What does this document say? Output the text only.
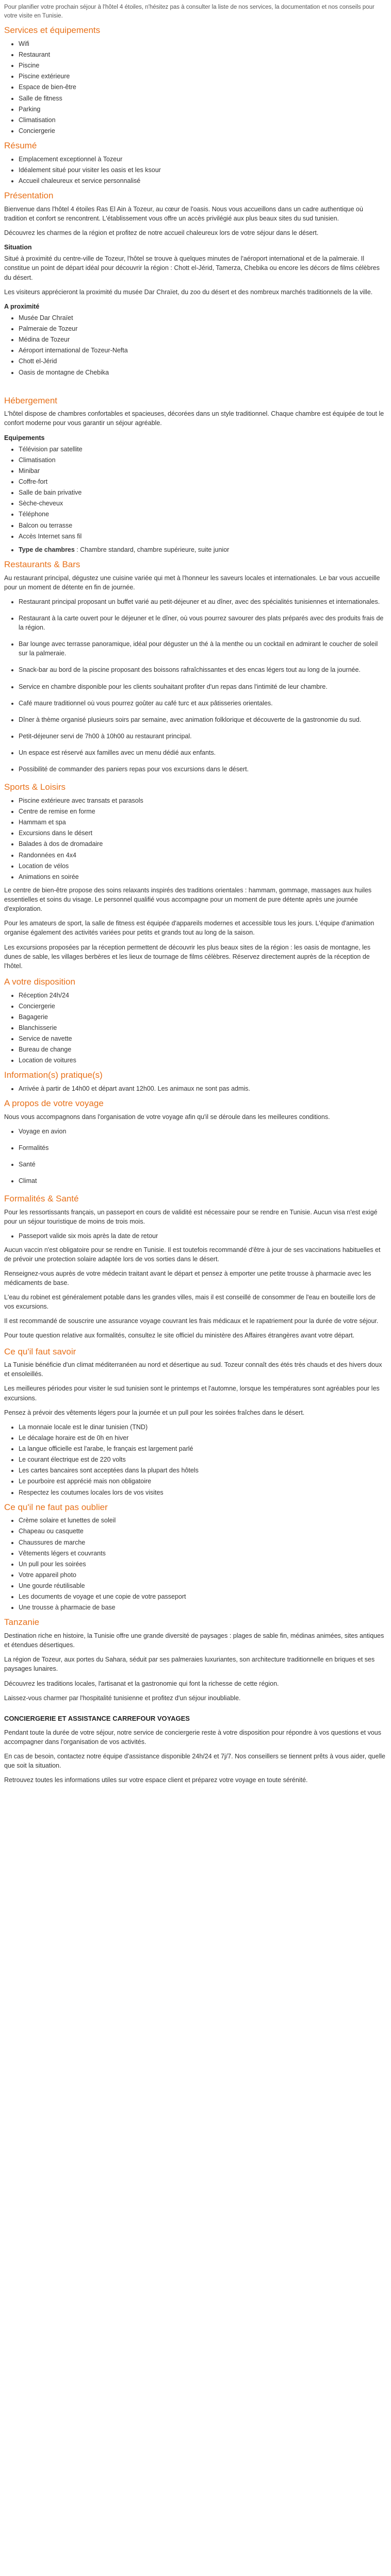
Pour planifier votre prochain séjour à l'hôtel 4 étoiles, n'hésitez pas à consulter la liste de nos services, la documentation et nos conseils pour votre visite en Tunisie.

Services et équipements
• Wifi
• Restaurant
• Piscine
• Piscine extérieure
• Espace de bien-être
• Salle de fitness
• Parking
• Climatisation
• Conciergerie
Résumé
• Emplacement exceptionnel à Tozeur
• Idéalement situé pour visiter les oasis et les ksour
• Accueil chaleureux et service personnalisé
Présentation

Bienvenue dans l'hôtel 4 étoiles Ras El Ain à Tozeur, au cœur de l'oasis. Nous vous accueillons dans un cadre authentique où tradition et confort se rencontrent. L'établissement vous offre un accès privilégié aux plus beaux sites du sud tunisien.

Découvrez les charmes de la région et profitez de notre accueil chaleureux lors de votre séjour dans le désert.

Situation

Situé à proximité du centre-ville de Tozeur, l'hôtel se trouve à quelques minutes de l'aéroport international et de la palmeraie. Il constitue un point de départ idéal pour découvrir la région : Chott el-Jérid, Tamerza, Chebika ou encore les décors de films célèbres du désert.

Les visiteurs apprécieront la proximité du musée Dar Chraïet, du zoo du désert et des nombreux marchés traditionnels de la ville.

A proximité
• Musée Dar Chraïet
• Palmeraie de Tozeur
• Médina de Tozeur
• Aéroport international de Tozeur-Nefta
• Chott el-Jérid
• Oasis de montagne de Chebika
Hébergement

L'hôtel dispose de chambres confortables et spacieuses, décorées dans un style traditionnel. Chaque chambre est équipée de tout le confort moderne pour vous garantir un séjour agréable.

Equipements
• Télévision par satellite
• Climatisation
• Minibar
• Coffre-fort
• Salle de bain privative
• Sèche-cheveux
• Téléphone
• Balcon ou terrasse
• Accès Internet sans fil
• Type de chambres : Chambre standard, chambre supérieure, suite junior
Restaurants & Bars

Au restaurant principal, dégustez une cuisine variée qui met à l'honneur les saveurs locales et internationales. Le bar vous accueille pour un moment de détente en fin de journée.

• Restaurant principal proposant un buffet varié au petit-déjeuner et au dîner, avec des spécialités tunisiennes et internationales.
• Restaurant à la carte ouvert pour le déjeuner et le dîner, où vous pourrez savourer des plats préparés avec des produits frais de la région.
• Bar lounge avec terrasse panoramique, idéal pour déguster un thé à la menthe ou un cocktail en admirant le coucher de soleil sur la palmeraie.
• Snack-bar au bord de la piscine proposant des boissons rafraîchissantes et des encas légers tout au long de la journée.
• Service en chambre disponible pour les clients souhaitant profiter d'un repas dans l'intimité de leur chambre.
• Café maure traditionnel où vous pourrez goûter au café turc et aux pâtisseries orientales.
• Dîner à thème organisé plusieurs soirs par semaine, avec animation folklorique et découverte de la gastronomie du sud.
• Petit-déjeuner servi de 7h00 à 10h00 au restaurant principal.
• Un espace est réservé aux familles avec un menu dédié aux enfants.
• Possibilité de commander des paniers repas pour vos excursions dans le désert.
Sports & Loisirs
• Piscine extérieure avec transats et parasols
• Centre de remise en forme
• Hammam et spa
• Excursions dans le désert
• Balades à dos de dromadaire
• Randonnées en 4x4
• Location de vélos
• Animations en soirée

Le centre de bien-être propose des soins relaxants inspirés des traditions orientales : hammam, gommage, massages aux huiles essentielles et soins du visage. Le personnel qualifié vous accompagne pour un moment de pure détente après une journée d'exploration.

Pour les amateurs de sport, la salle de fitness est équipée d'appareils modernes et accessible tous les jours. L'équipe d'animation organise également des activités variées pour petits et grands tout au long de la saison.

Les excursions proposées par la réception permettent de découvrir les plus beaux sites de la région : les oasis de montagne, les dunes de sable, les villages berbères et les lieux de tournage de films célèbres. Réservez directement auprès de la réception de l'hôtel.

A votre disposition
• Réception 24h/24
• Conciergerie
• Bagagerie
• Blanchisserie
• Service de navette
• Bureau de change
• Location de voitures
Information(s) pratique(s)
• Arrivée à partir de 14h00 et départ avant 12h00. Les animaux ne sont pas admis.
A propos de votre voyage

Nous vous accompagnons dans l'organisation de votre voyage afin qu'il se déroule dans les meilleures conditions.

• Voyage en avion
• Formalités
• Santé
• Climat
Formalités & Santé

Pour les ressortissants français, un passeport en cours de validité est nécessaire pour se rendre en Tunisie. Aucun visa n'est exigé pour un séjour touristique de moins de trois mois.

• Passeport valide six mois après la date de retour

Aucun vaccin n'est obligatoire pour se rendre en Tunisie. Il est toutefois recommandé d'être à jour de ses vaccinations habituelles et de prévoir une protection solaire adaptée lors de vos sorties dans le désert.

Renseignez-vous auprès de votre médecin traitant avant le départ et pensez à emporter une petite trousse à pharmacie avec les médicaments de base.

L'eau du robinet est généralement potable dans les grandes villes, mais il est conseillé de consommer de l'eau en bouteille lors de vos excursions.

Il est recommandé de souscrire une assurance voyage couvrant les frais médicaux et le rapatriement pour la durée de votre séjour.

Pour toute question relative aux formalités, consultez le site officiel du ministère des Affaires étrangères avant votre départ.

Ce qu'il faut savoir

La Tunisie bénéficie d'un climat méditerranéen au nord et désertique au sud. Tozeur connaît des étés très chauds et des hivers doux et ensoleillés.

Les meilleures périodes pour visiter le sud tunisien sont le printemps et l'automne, lorsque les températures sont agréables pour les excursions.

Pensez à prévoir des vêtements légers pour la journée et un pull pour les soirées fraîches dans le désert.

• La monnaie locale est le dinar tunisien (TND)
• Le décalage horaire est de 0h en hiver
• La langue officielle est l'arabe, le français est largement parlé
• Le courant électrique est de 220 volts
• Les cartes bancaires sont acceptées dans la plupart des hôtels
• Le pourboire est apprécié mais non obligatoire
• Respectez les coutumes locales lors de vos visites
Ce qu'il ne faut pas oublier
• Crème solaire et lunettes de soleil
• Chapeau ou casquette
• Chaussures de marche
• Vêtements légers et couvrants
• Un pull pour les soirées
• Votre appareil photo
• Une gourde réutilisable
• Les documents de voyage et une copie de votre passeport
• Une trousse à pharmacie de base
Tanzanie

Destination riche en histoire, la Tunisie offre une grande diversité de paysages : plages de sable fin, médinas animées, sites antiques et étendues désertiques.

La région de Tozeur, aux portes du Sahara, séduit par ses palmeraies luxuriantes, son architecture traditionnelle en briques et ses paysages lunaires.

Découvrez les traditions locales, l'artisanat et la gastronomie qui font la richesse de cette région.

Laissez-vous charmer par l'hospitalité tunisienne et profitez d'un séjour inoubliable.

CONCIERGERIE ET ASSISTANCE CARREFOUR VOYAGES

Pendant toute la durée de votre séjour, notre service de conciergerie reste à votre disposition pour répondre à vos questions et vous accompagner dans l'organisation de vos activités.

En cas de besoin, contactez notre équipe d'assistance disponible 24h/24 et 7j/7. Nos conseillers se tiennent prêts à vous aider, quelle que soit la situation.

Retrouvez toutes les informations utiles sur votre espace client et préparez votre voyage en toute sérénité.
